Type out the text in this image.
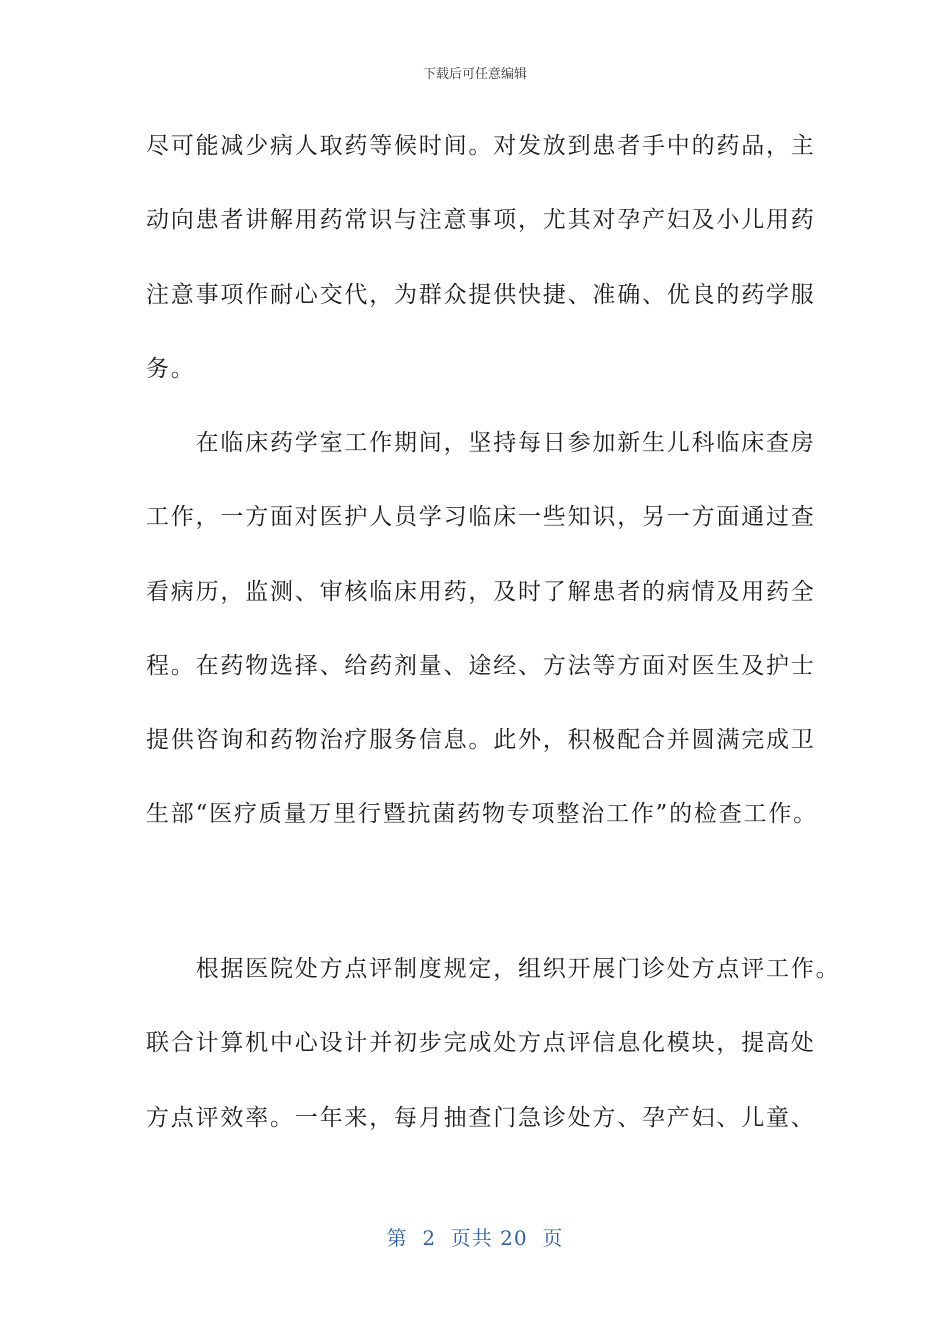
下载后可任意编辑
尽可能减少病人取药等候时间。对发放到患者手中的药品，主
动向患者讲解用药常识与注意事项，尤其对孕产妇及小儿用药
注意事项作耐心交代，为群众提供快捷、准确、优良的药学服
务。
　　在临床药学室工作期间，坚持每日参加新生儿科临床查房
工作，一方面对医护人员学习临床一些知识，另一方面通过查
看病历，监测、审核临床用药，及时了解患者的病情及用药全
程。在药物选择、给药剂量、途经、方法等方面对医生及护士
提供咨询和药物治疗服务信息。此外，积极配合并圆满完成卫
生部“医疗质量万里行暨抗菌药物专项整治工作”的检查工作。
　　根据医院处方点评制度规定，组织开展门诊处方点评工作。
联合计算机中心设计并初步完成处方点评信息化模块，提高处
方点评效率。一年来，每月抽查门急诊处方、孕产妇、儿童、
第  2  页共 20  页
